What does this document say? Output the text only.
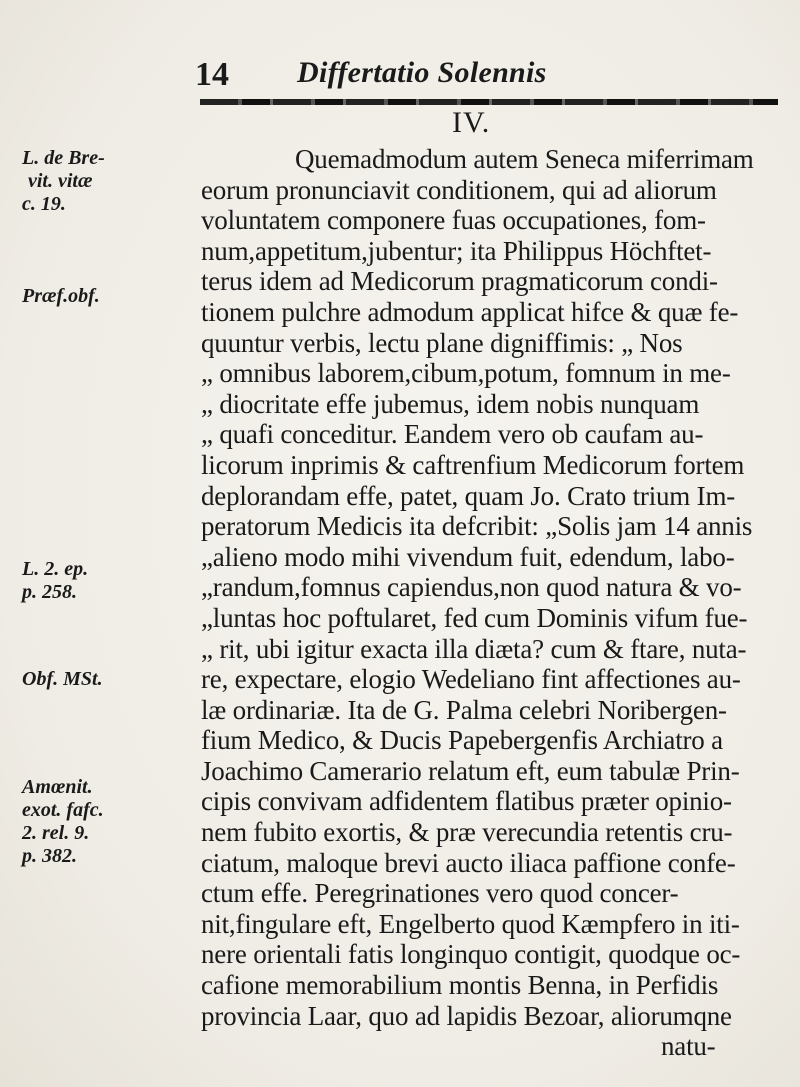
14 Differtatio Solennis
IV.
L. de Bre-
vit. vitæ
c. 19.
Præf.obf.
L. 2. ep.
p. 258.
Obf. MSt.
Amœnit.
exot. fafc.
2. rel. 9.
p. 382.
Quemadmodum autem Seneca miferrimam
eorum pronunciavit conditionem, qui ad aliorum
voluntatem componere fuas occupationes, fom-
num,appetitum,jubentur; ita Philippus Höchftet-
terus idem ad Medicorum pragmaticorum condi-
tionem pulchre admodum applicat hifce & quæ fe-
quuntur verbis, lectu plane digniffimis: „ Nos
„ omnibus laborem,cibum,potum, fomnum in me-
„ diocritate effe jubemus, idem nobis nunquam
„ quafi conceditur. Eandem vero ob caufam au-
licorum inprimis & caftrenfium Medicorum fortem
deplorandam effe, patet, quam Jo. Crato trium Im-
peratorum Medicis ita defcribit: „Solis jam 14 annis
„alieno modo mihi vivendum fuit, edendum, labo-
„randum,fomnus capiendus,non quod natura & vo-
„luntas hoc poftularet, fed cum Dominis vifum fue-
„ rit, ubi igitur exacta illa diæta? cum & ftare, nuta-
re, expectare, elogio Wedeliano fint affectiones au-
læ ordinariæ. Ita de G. Palma celebri Noribergen-
fium Medico, & Ducis Papebergenfis Archiatro a
Joachimo Camerario relatum eft, eum tabulæ Prin-
cipis convivam adfidentem flatibus præter opinio-
nem fubito exortis, & præ verecundia retentis cru-
ciatum, maloque brevi aucto iliaca paffione confe-
ctum effe. Peregrinationes vero quod concer-
nit,fingulare eft, Engelberto quod Kæmpfero in iti-
nere orientali fatis longinquo contigit, quodque oc-
cafione memorabilium montis Benna, in Perfidis
provincia Laar, quo ad lapidis Bezoar, aliorumqne
natu-
